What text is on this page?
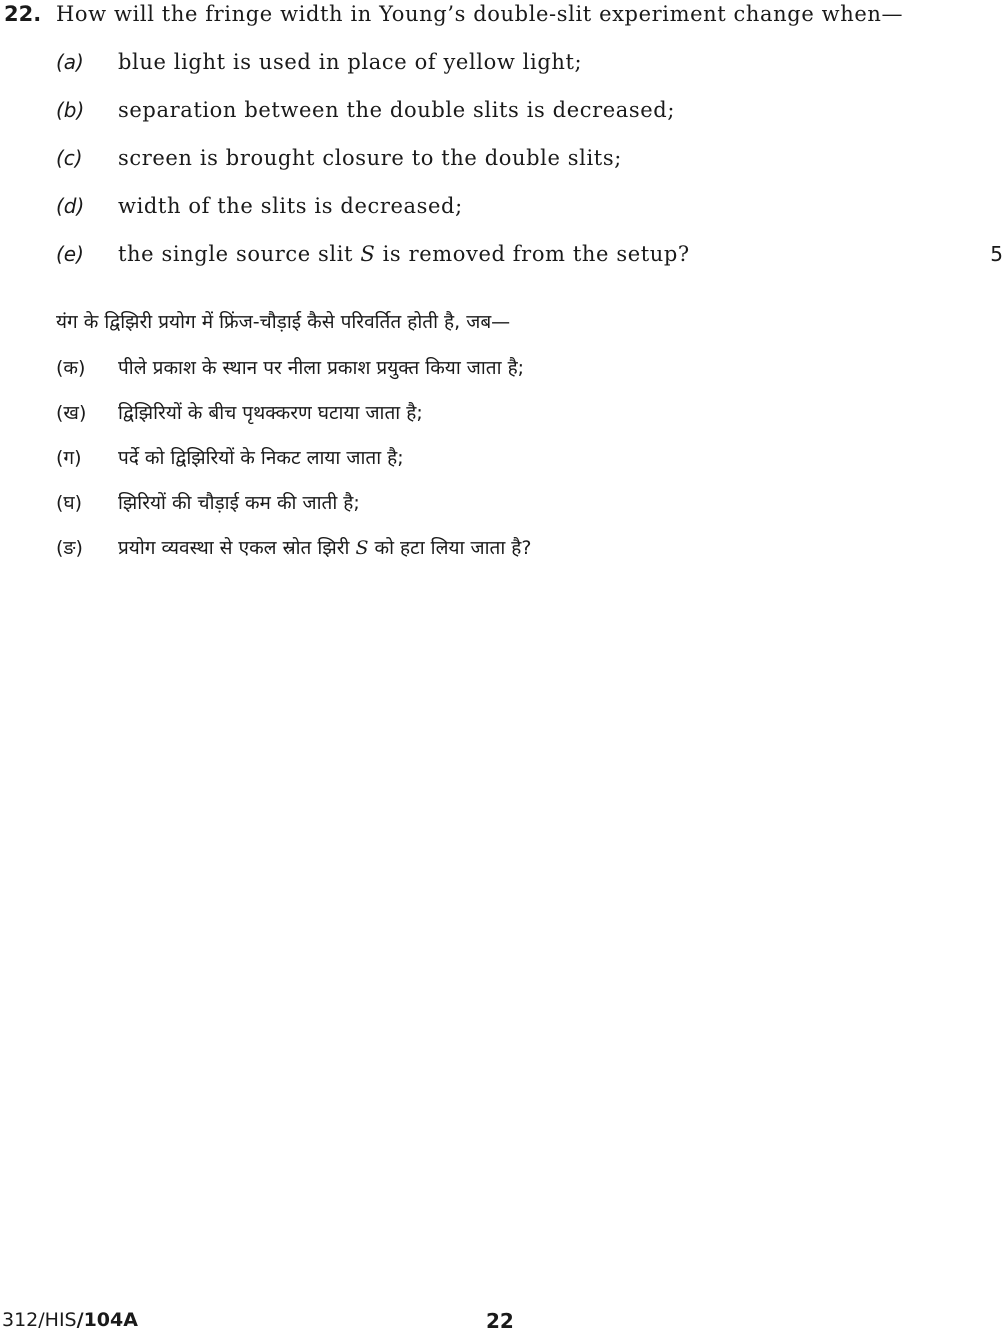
22. How will the fringe width in Young’s double-slit experiment change when—
(a) blue light is used in place of yellow light;
(b) separation between the double slits is decreased;
(c) screen is brought closure to the double slits;
(d) width of the slits is decreased;
(e) the single source slit S is removed from the setup?	5
यंग के द्विझिरी प्रयोग में फ्रिंज-चौड़ाई कैसे परिवर्तित होती है, जब—
(क) पीले प्रकाश के स्थान पर नीला प्रकाश प्रयुक्त किया जाता है;
(ख) द्विझिरियों के बीच पृथक्करण घटाया जाता है;
(ग) पर्दे को द्विझिरियों के निकट लाया जाता है;
(घ) झिरियों की चौड़ाई कम की जाती है;
(ङ) प्रयोग व्यवस्था से एकल स्रोत झिरी S को हटा लिया जाता है?
312/HIS/104A	22
